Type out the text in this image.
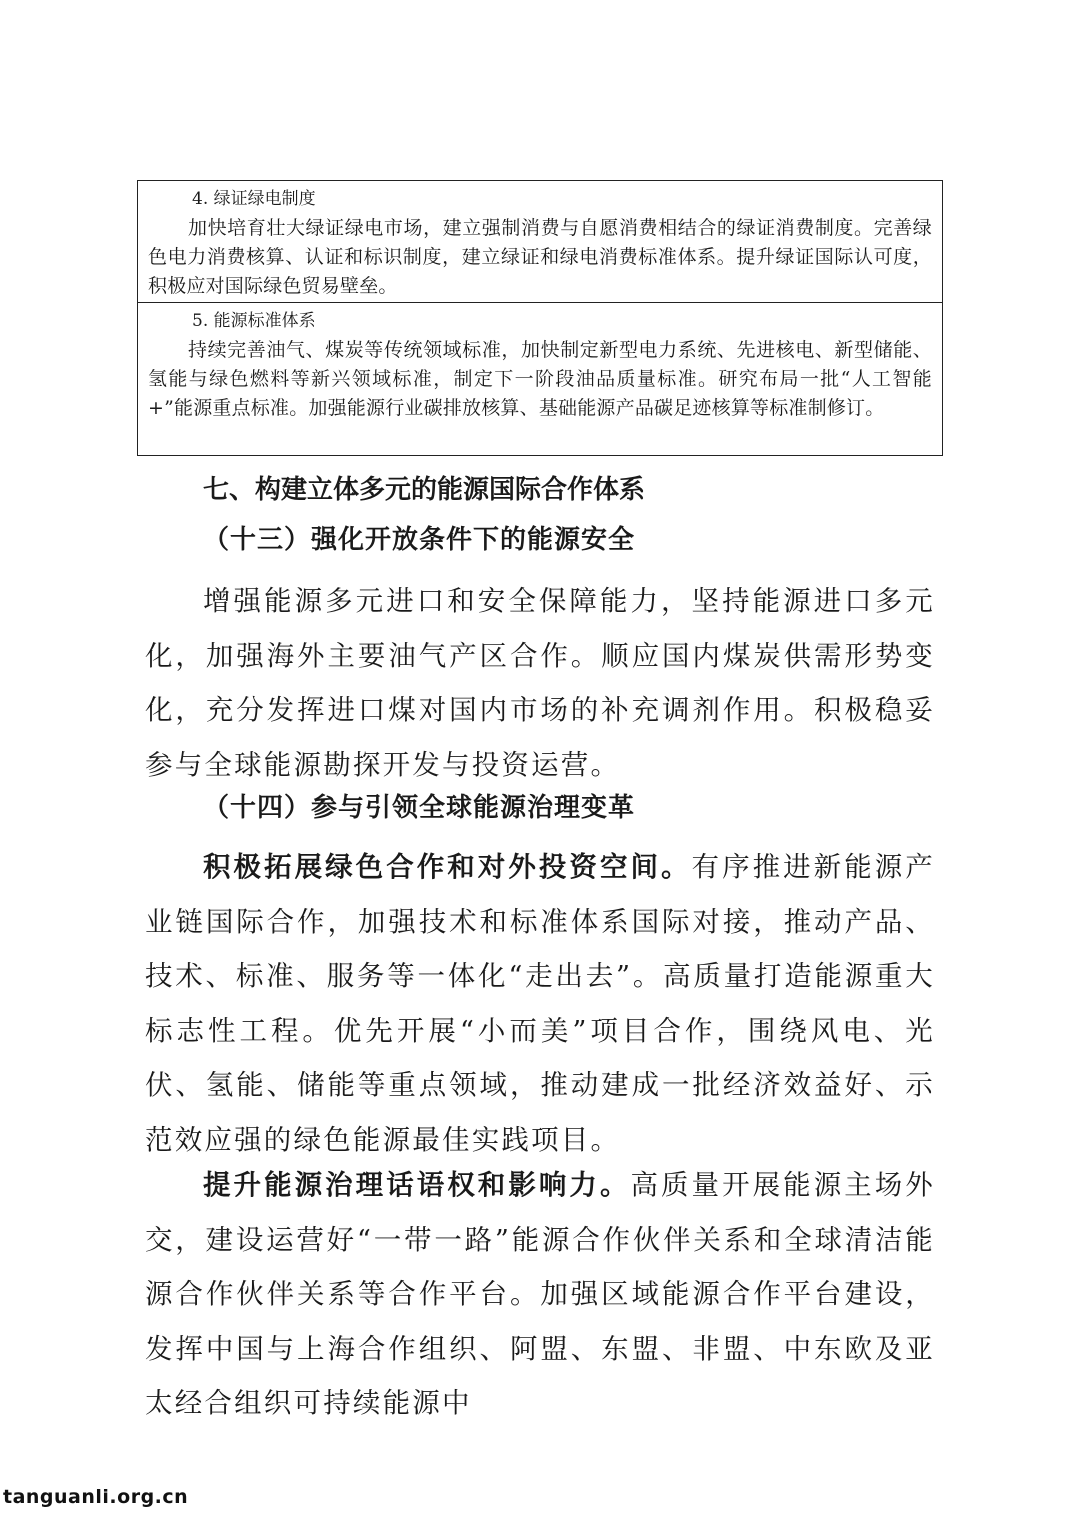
4. 绿证绿电制度

加快培育壮大绿证绿电市场，建立强制消费与自愿消费相结合的绿证消费制度。完善绿色电力消费核算、认证和标识制度，建立绿证和绿电消费标准体系。提升绿证国际认可度，积极应对国际绿色贸易壁垒。

5. 能源标准体系

持续完善油气、煤炭等传统领域标准，加快制定新型电力系统、先进核电、新型储能、氢能与绿色燃料等新兴领域标准，制定下一阶段油品质量标准。研究布局一批“人工智能+”能源重点标准。加强能源行业碳排放核算、基础能源产品碳足迹核算等标准制修订。

七、构建立体多元的能源国际合作体系
（十三）强化开放条件下的能源安全

增强能源多元进口和安全保障能力，坚持能源进口多元化，加强海外主要油气产区合作。顺应国内煤炭供需形势变化，充分发挥进口煤对国内市场的补充调剂作用。积极稳妥参与全球能源勘探开发与投资运营。

（十四）参与引领全球能源治理变革

积极拓展绿色合作和对外投资空间。有序推进新能源产业链国际合作，加强技术和标准体系国际对接，推动产品、技术、标准、服务等一体化“走出去”。高质量打造能源重大标志性工程。优先开展“小而美”项目合作，围绕风电、光伏、氢能、储能等重点领域，推动建成一批经济效益好、示范效应强的绿色能源最佳实践项目。

提升能源治理话语权和影响力。高质量开展能源主场外交，建设运营好“一带一路”能源合作伙伴关系和全球清洁能源合作伙伴关系等合作平台。加强区域能源合作平台建设，发挥中国与上海合作组织、阿盟、东盟、非盟、中东欧及亚太经合组织可持续能源中

tanguanli.org.cn
